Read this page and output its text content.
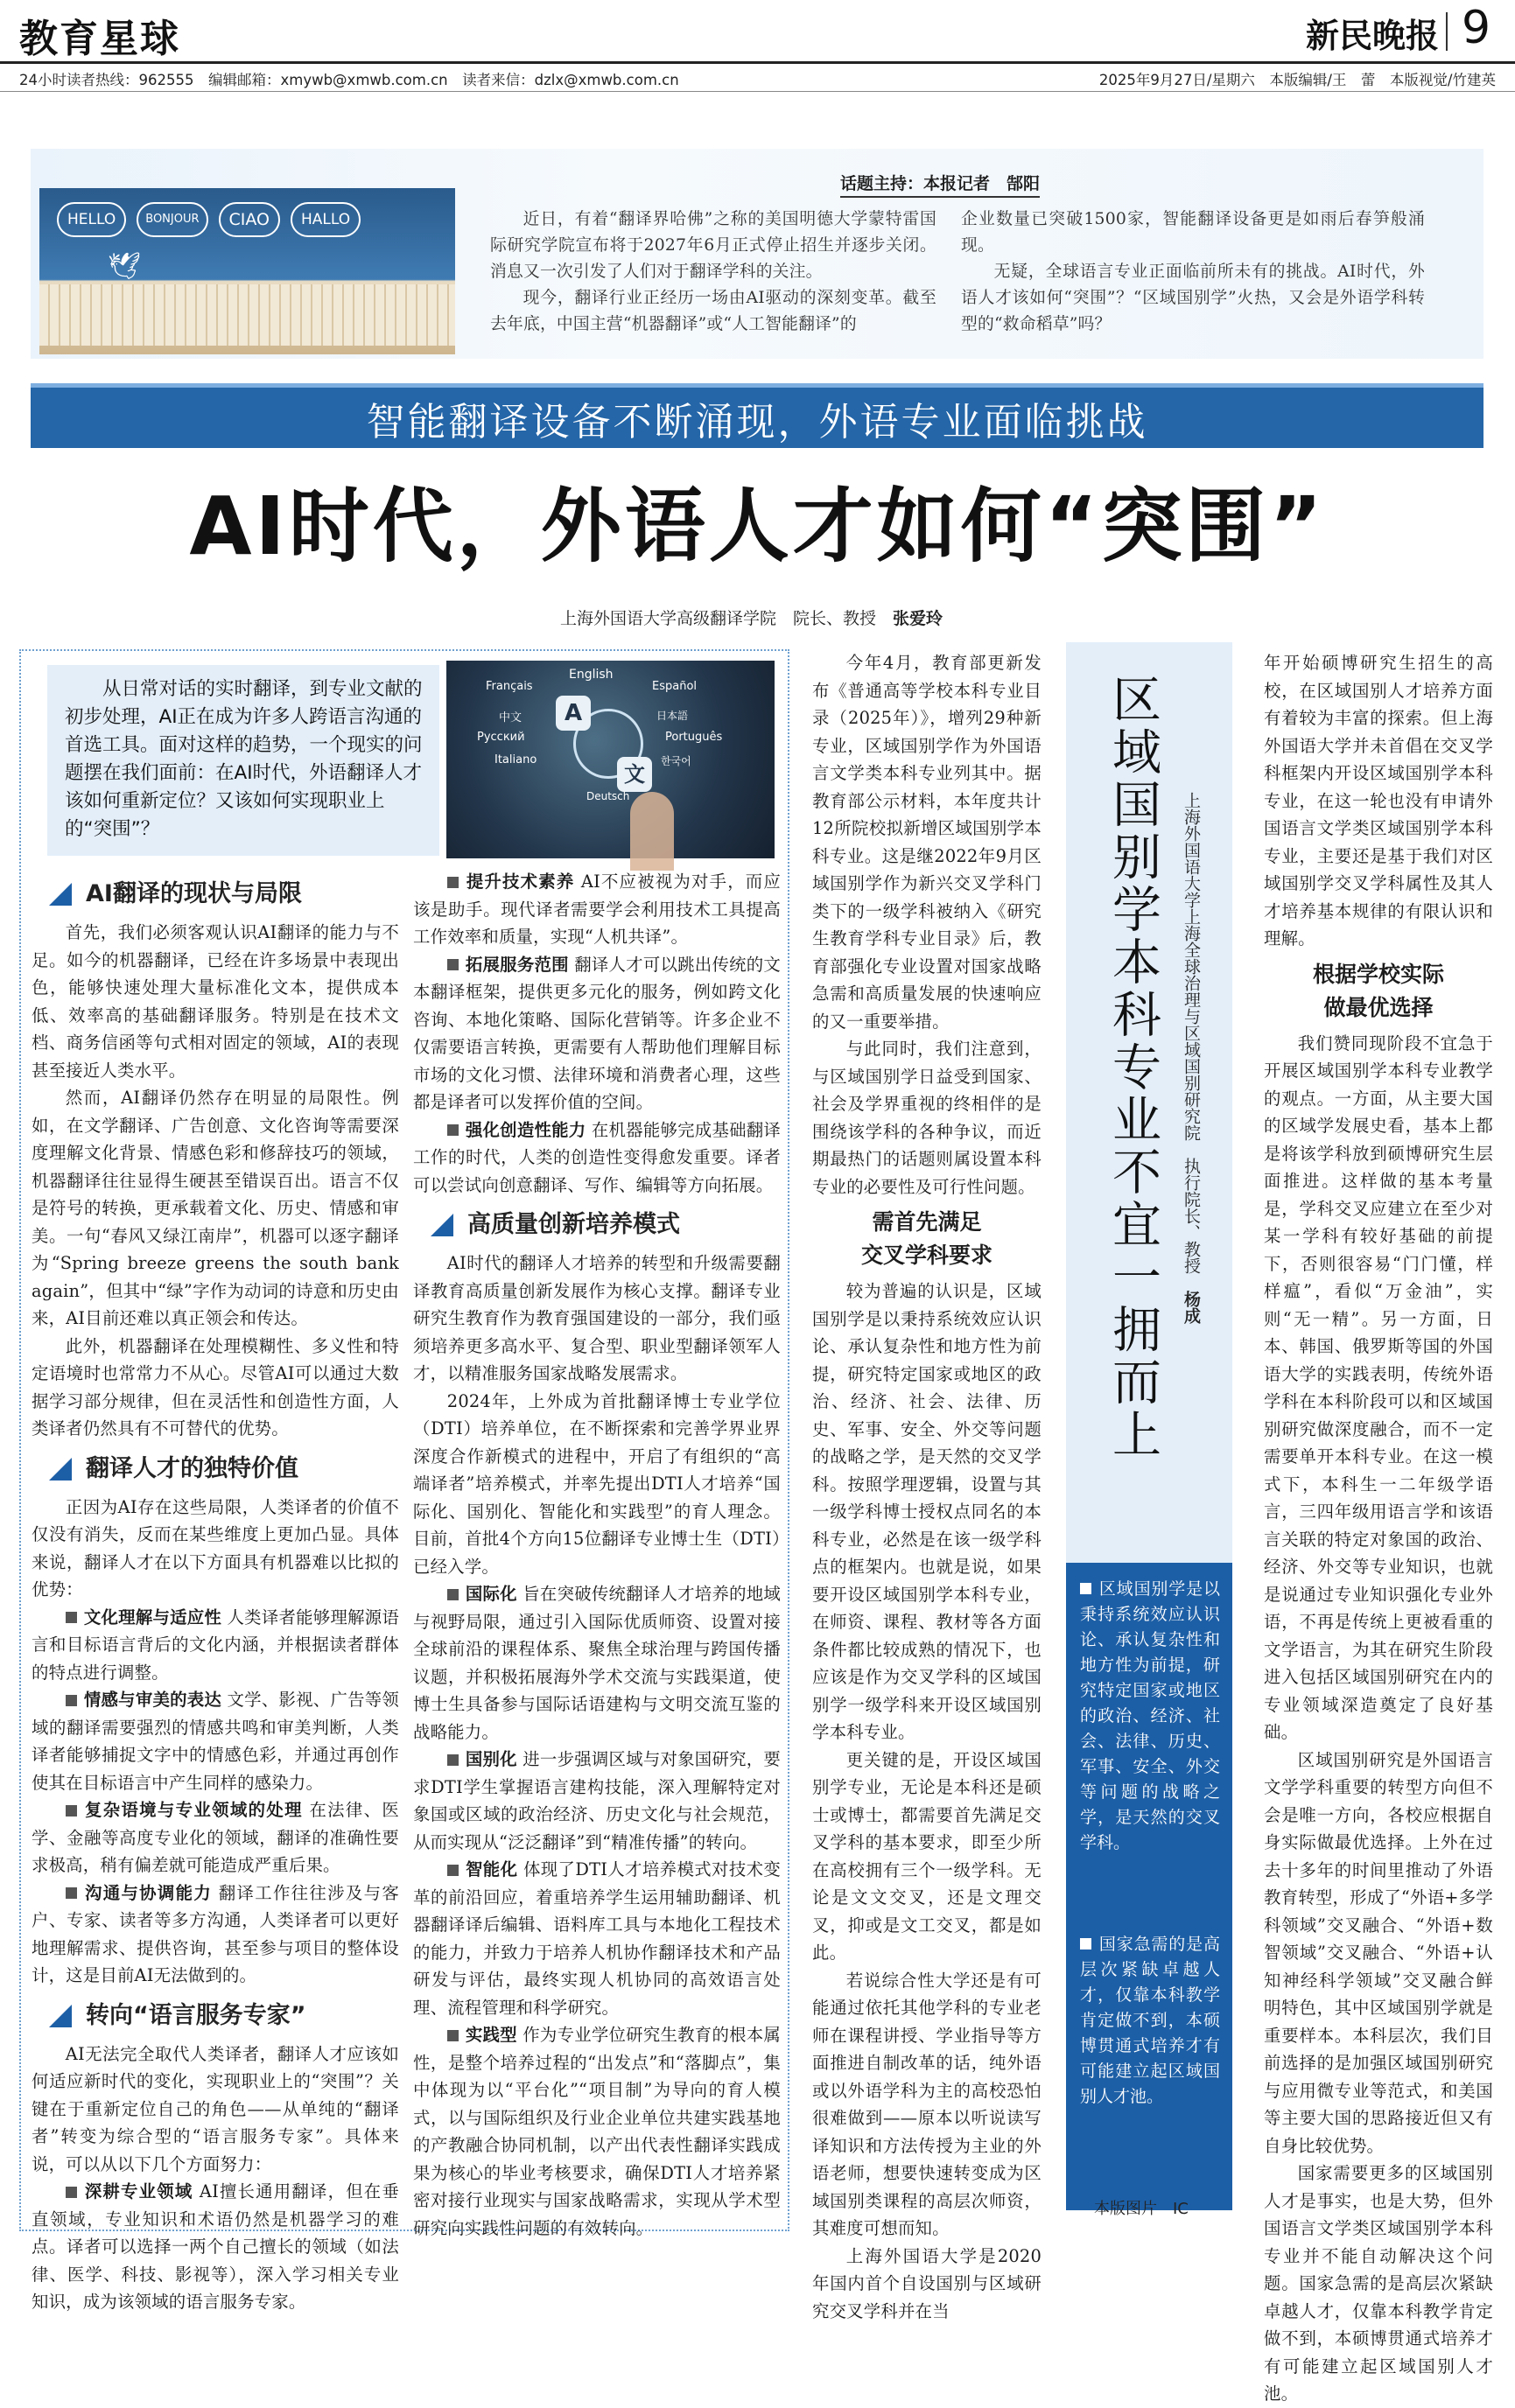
教育星球	新民晚报 9
24小时读者热线：962555　编辑邮箱：xmywb@xmwb.com.cn　读者来信：dzlx@xmwb.com.cn	2025年9月27日/星期六　本版编辑/王　蕾　本版视觉/竹建英
HELLO	BONJOUR	CIAO	HALLO
🕊
话题主持：本报记者　郜阳

近日，有着“翻译界哈佛”之称的美国明德大学蒙特雷国际研究学院宣布将于2027年6月正式停止招生并逐步关闭。消息又一次引发了人们对于翻译学科的关注。

现今，翻译行业正经历一场由AI驱动的深刻变革。截至去年底，中国主营“机器翻译”或“人工智能翻译”的

企业数量已突破1500家，智能翻译设备更是如雨后春笋般涌现。

无疑，全球语言专业正面临前所未有的挑战。AI时代，外语人才该如何“突围”？“区域国别学”火热，又会是外语学科转型的“救命稻草”吗？

智能翻译设备不断涌现，外语专业面临挑战
AI时代，外语人才如何“突围”
上海外国语大学高级翻译学院　院长、教授　 张爱玲
从日常对话的实时翻译，到专业文献的初步处理，AI正在成为许多人跨语言沟通的首选工具。面对这样的趋势，一个现实的问题摆在我们面前：在AI时代，外语翻译人才该如何重新定位？又该如何实现职业上的“突围”？
A
文
English
Français	Español
中文	日本語
Русский	Português
Italiano	한국어
Deutsch
AI翻译的现状与局限

首先，我们必须客观认识AI翻译的能力与不足。如今的机器翻译，已经在许多场景中表现出色，能够快速处理大量标准化文本，提供成本低、效率高的基础翻译服务。特别是在技术文档、商务信函等句式相对固定的领域，AI的表现甚至接近人类水平。

然而，AI翻译仍然存在明显的局限性。例如，在文学翻译、广告创意、文化咨询等需要深度理解文化背景、情感色彩和修辞技巧的领域，机器翻译往往显得生硬甚至错误百出。语言不仅是符号的转换，更承载着文化、历史、情感和审美。一句“春风又绿江南岸”，机器可以逐字翻译为“Spring breeze greens the south bank again”，但其中“绿”字作为动词的诗意和历史由来，AI目前还难以真正领会和传达。

此外，机器翻译在处理模糊性、多义性和特定语境时也常常力不从心。尽管AI可以通过大数据学习部分规律，但在灵活性和创造性方面，人类译者仍然具有不可替代的优势。

翻译人才的独特价值

正因为AI存在这些局限，人类译者的价值不仅没有消失，反而在某些维度上更加凸显。具体来说，翻译人才在以下方面具有机器难以比拟的优势：

文化理解与适应性 人类译者能够理解源语言和目标语言背后的文化内涵，并根据读者群体的特点进行调整。

情感与审美的表达 文学、影视、广告等领域的翻译需要强烈的情感共鸣和审美判断，人类译者能够捕捉文字中的情感色彩，并通过再创作使其在目标语言中产生同样的感染力。

复杂语境与专业领域的处理 在法律、医学、金融等高度专业化的领域，翻译的准确性要求极高，稍有偏差就可能造成严重后果。

沟通与协调能力 翻译工作往往涉及与客户、专家、读者等多方沟通，人类译者可以更好地理解需求、提供咨询，甚至参与项目的整体设计，这是目前AI无法做到的。

转向“语言服务专家”

AI无法完全取代人类译者，翻译人才应该如何适应新时代的变化，实现职业上的“突围”？关键在于重新定位自己的角色——从单纯的“翻译者”转变为综合型的“语言服务专家”。具体来说，可以从以下几个方面努力：

深耕专业领域 AI擅长通用翻译，但在垂直领域，专业知识和术语仍然是机器学习的难点。译者可以选择一两个自己擅长的领域（如法律、医学、科技、影视等），深入学习相关专业知识，成为该领域的语言服务专家。

提升技术素养 AI不应被视为对手，而应该是助手。现代译者需要学会利用技术工具提高工作效率和质量，实现“人机共译”。

拓展服务范围 翻译人才可以跳出传统的文本翻译框架，提供更多元化的服务，例如跨文化咨询、本地化策略、国际化营销等。许多企业不仅需要语言转换，更需要有人帮助他们理解目标市场的文化习惯、法律环境和消费者心理，这些都是译者可以发挥价值的空间。

强化创造性能力 在机器能够完成基础翻译工作的时代，人类的创造性变得愈发重要。译者可以尝试向创意翻译、写作、编辑等方向拓展。

高质量创新培养模式

AI时代的翻译人才培养的转型和升级需要翻译教育高质量创新发展作为核心支撑。翻译专业研究生教育作为教育强国建设的一部分，我们亟须培养更多高水平、复合型、职业型翻译领军人才，以精准服务国家战略发展需求。

2024年，上外成为首批翻译博士专业学位（DTI）培养单位，在不断探索和完善学界业界深度合作新模式的进程中，开启了有组织的“高端译者”培养模式，并率先提出DTI人才培养“国际化、国别化、智能化和实践型”的育人理念。目前，首批4个方向15位翻译专业博士生（DTI）已经入学。

国际化 旨在突破传统翻译人才培养的地域与视野局限，通过引入国际优质师资、设置对接全球前沿的课程体系、聚焦全球治理与跨国传播议题，并积极拓展海外学术交流与实践渠道，使博士生具备参与国际话语建构与文明交流互鉴的战略能力。

国别化 进一步强调区域与对象国研究，要求DTI学生掌握语言建构技能，深入理解特定对象国或区域的政治经济、历史文化与社会规范，从而实现从“泛泛翻译”到“精准传播”的转向。

智能化 体现了DTI人才培养模式对技术变革的前沿回应，着重培养学生运用辅助翻译、机器翻译译后编辑、语料库工具与本地化工程技术的能力，并致力于培养人机协作翻译技术和产品研发与评估，最终实现人机协同的高效语言处理、流程管理和科学研究。

实践型 作为专业学位研究生教育的根本属性，是整个培养过程的“出发点”和“落脚点”，集中体现为以“平台化”“项目制”为导向的育人模式，以与国际组织及行业企业单位共建实践基地的产教融合协同机制，以产出代表性翻译实践成果为核心的毕业考核要求，确保DTI人才培养紧密对接行业现实与国家战略需求，实现从学术型研究向实践性问题的有效转向。

今年4月，教育部更新发布《普通高等学校本科专业目录（2025年）》，增列29种新专业，区域国别学作为外国语言文学类本科专业列其中。据教育部公示材料，本年度共计12所院校拟新增区域国别学本科专业。这是继2022年9月区域国别学作为新兴交叉学科门类下的一级学科被纳入《研究生教育学科专业目录》后，教育部强化专业设置对国家战略急需和高质量发展的快速响应的又一重要举措。

与此同时，我们注意到，与区域国别学日益受到国家、社会及学界重视的终相伴的是围绕该学科的各种争议，而近期最热门的话题则属设置本科专业的必要性及可行性问题。

需首先满足
交叉学科要求

较为普遍的认识是，区域国别学是以秉持系统效应认识论、承认复杂性和地方性为前提，研究特定国家或地区的政治、经济、社会、法律、历史、军事、安全、外交等问题的战略之学，是天然的交叉学科。按照学理逻辑，设置与其一级学科博士授权点同名的本科专业，必然是在该一级学科点的框架内。也就是说，如果要开设区域国别学本科专业，在师资、课程、教材等各方面条件都比较成熟的情况下，也应该是作为交叉学科的区域国别学一级学科来开设区域国别学本科专业。

更关键的是，开设区域国别学专业，无论是本科还是硕士或博士，都需要首先满足交叉学科的基本要求，即至少所在高校拥有三个一级学科。无论是文文交叉，还是文理交叉，抑或是文工交叉，都是如此。

若说综合性大学还是有可能通过依托其他学科的专业老师在课程讲授、学业指导等方面推进自制改革的话，纯外语或以外语学科为主的高校恐怕很难做到——原本以听说读写译知识和方法传授为主业的外语老师，想要快速转变成为区域国别类课程的高层次师资，其难度可想而知。

上海外国语大学是2020年国内首个自设国别与区域研究交叉学科并在当

区域国别学本科专业不宜一拥而上	上海外国语大学上海全球治理与区域国别研究院　执行院长、教授　杨成
区域国别学是以秉持系统效应认识论、承认复杂性和地方性为前提，研究特定国家或地区的政治、经济、社会、法律、历史、军事、安全、外交等问题的战略之学，是天然的交叉学科。
国家急需的是高层次紧缺卓越人才，仅靠本科教学肯定做不到，本硕博贯通式培养才有可能建立起区域国别人才池。
本版图片　IC

年开始硕博研究生招生的高校，在区域国别人才培养方面有着较为丰富的探索。但上海外国语大学并未首倡在交叉学科框架内开设区域国别学本科专业，在这一轮也没有申请外国语言文学类区域国别学本科专业，主要还是基于我们对区域国别学交叉学科属性及其人才培养基本规律的有限认识和理解。

根据学校实际
做最优选择

我们赞同现阶段不宜急于开展区域国别学本科专业教学的观点。一方面，从主要大国的区域学发展史看，基本上都是将该学科放到硕博研究生层面推进。这样做的基本考量是，学科交叉应建立在至少对某一学科有较好基础的前提下，否则很容易“门门懂，样样瘟”，看似“万金油”，实则“无一精”。另一方面，日本、韩国、俄罗斯等国的外国语大学的实践表明，传统外语学科在本科阶段可以和区域国别研究做深度融合，而不一定需要单开本科专业。在这一模式下，本科生一二年级学语言，三四年级用语言学和该语言关联的特定对象国的政治、经济、外交等专业知识，也就是说通过专业知识强化专业外语，不再是传统上更被看重的文学语言，为其在研究生阶段进入包括区域国别研究在内的专业领域深造奠定了良好基础。

区域国别研究是外国语言文学学科重要的转型方向但不会是唯一方向，各校应根据自身实际做最优选择。上外在过去十多年的时间里推动了外语教育转型，形成了“外语+多学科领域”交叉融合、“外语+数智领域”交叉融合、“外语+认知神经科学领域”交叉融合鲜明特色，其中区域国别学就是重要样本。本科层次，我们目前选择的是加强区域国别研究与应用微专业等范式，和美国等主要大国的思路接近但又有自身比较优势。

国家需要更多的区域国别人才是事实，也是大势，但外国语言文学类区域国别学本科专业并不能自动解决这个问题。国家急需的是高层次紧缺卓越人才，仅靠本科教学肯定做不到，本硕博贯通式培养才有可能建立起区域国别人才池。
